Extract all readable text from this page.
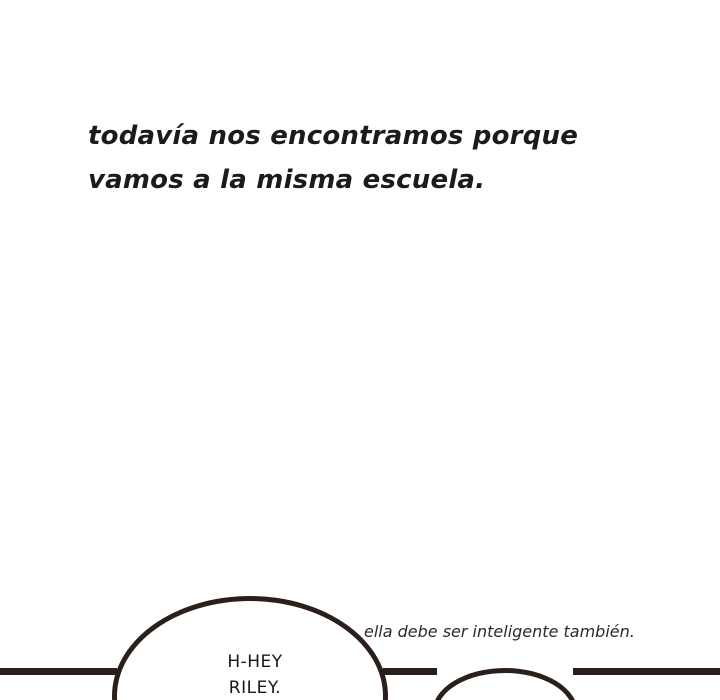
todavía nos encontramos porque
vamos a la misma escuela.
ella debe ser inteligente también.
H-HEY
RILEY.
